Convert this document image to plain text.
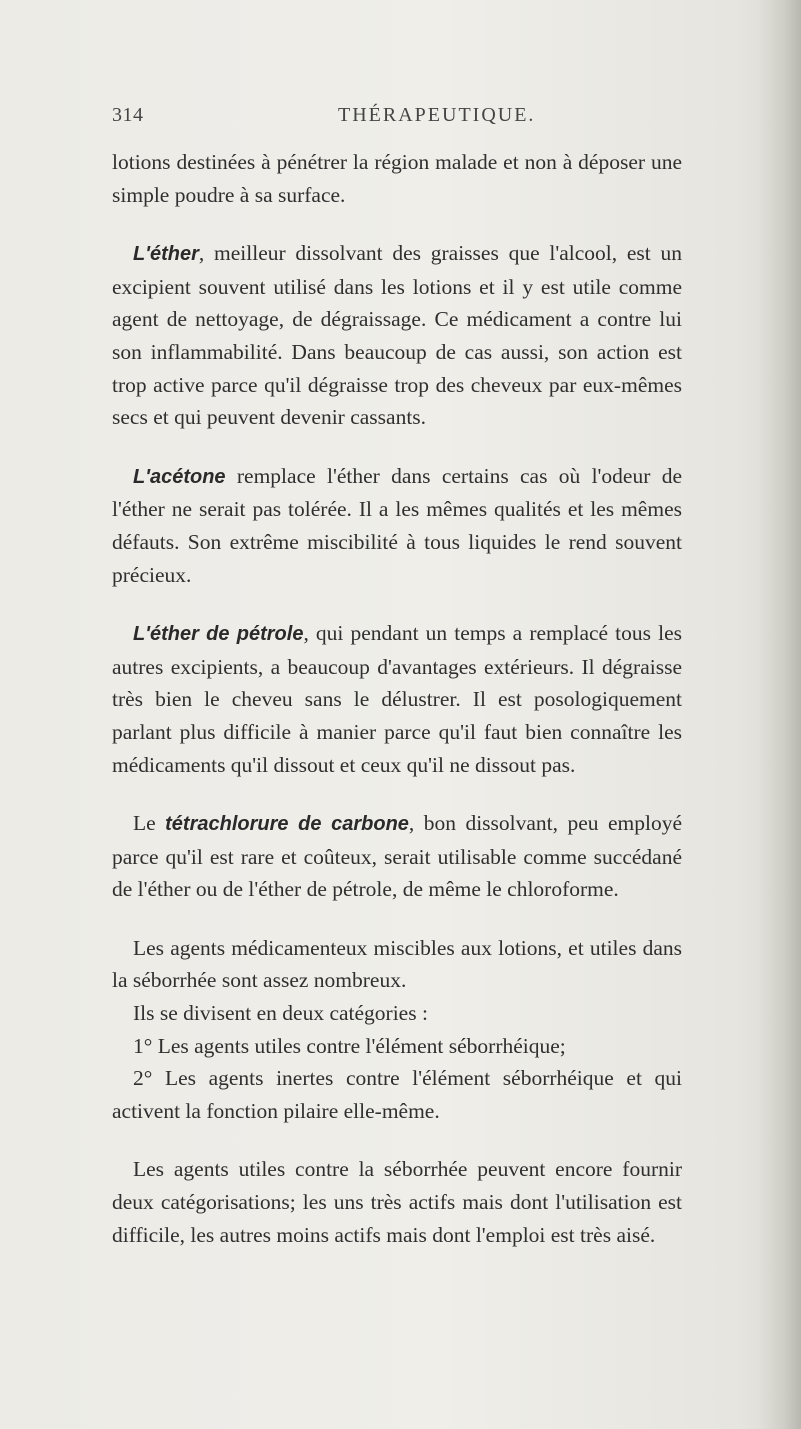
314	THÉRAPEUTIQUE.

lotions destinées à pénétrer la région malade et non à déposer une simple poudre à sa surface.

L'éther, meilleur dissolvant des graisses que l'alcool, est un excipient souvent utilisé dans les lotions et il y est utile comme agent de nettoyage, de dégraissage. Ce médicament a contre lui son inflammabilité. Dans beaucoup de cas aussi, son action est trop active parce qu'il dégraisse trop des cheveux par eux-mêmes secs et qui peuvent devenir cassants.

L'acétone remplace l'éther dans certains cas où l'odeur de l'éther ne serait pas tolérée. Il a les mêmes qualités et les mêmes défauts. Son extrême miscibilité à tous liquides le rend souvent précieux.

L'éther de pétrole, qui pendant un temps a remplacé tous les autres excipients, a beaucoup d'avantages extérieurs. Il dégraisse très bien le cheveu sans le délustrer. Il est posologiquement parlant plus difficile à manier parce qu'il faut bien connaître les médicaments qu'il dissout et ceux qu'il ne dissout pas.

Le tétrachlorure de carbone, bon dissolvant, peu employé parce qu'il est rare et coûteux, serait utilisable comme succédané de l'éther ou de l'éther de pétrole, de même le chloroforme.

Les agents médicamenteux miscibles aux lotions, et utiles dans la séborrhée sont assez nombreux.

Ils se divisent en deux catégories :

1° Les agents utiles contre l'élément séborrhéique;

2° Les agents inertes contre l'élément séborrhéique et qui activent la fonction pilaire elle-même.

Les agents utiles contre la séborrhée peuvent encore fournir deux catégorisations; les uns très actifs mais dont l'utilisation est difficile, les autres moins actifs mais dont l'emploi est très aisé.
